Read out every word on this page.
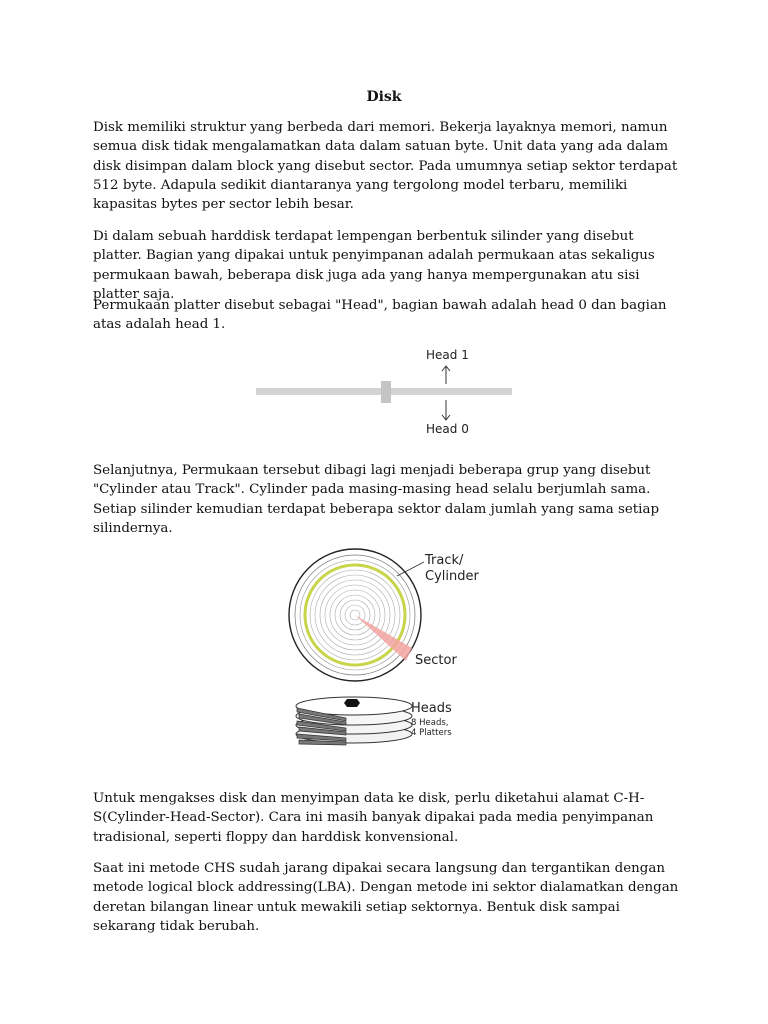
Disk

Disk memiliki struktur yang berbeda dari memori. Bekerja layaknya memori, namun semua disk tidak mengalamatkan data dalam satuan byte. Unit data yang ada dalam disk disimpan dalam block yang disebut sector. Pada umumnya setiap sektor terdapat 512 byte. Adapula sedikit diantaranya yang tergolong model terbaru, memiliki kapasitas bytes per sector lebih besar.

Di dalam sebuah harddisk terdapat lempengan berbentuk silinder yang disebut platter. Bagian yang dipakai untuk penyimpanan adalah permukaan atas sekaligus permukaan bawah, beberapa disk juga ada yang hanya mempergunakan atu sisi platter saja.

Permukaan platter disebut sebagai "Head", bagian bawah adalah head 0 dan bagian atas adalah head 1.

Head 1
Head 0

Selanjutnya, Permukaan tersebut dibagi lagi menjadi beberapa grup yang disebut "Cylinder atau Track". Cylinder pada masing-masing head selalu berjumlah sama. Setiap silinder kemudian terdapat beberapa sektor dalam jumlah yang sama setiap silindernya.

Track/
Cylinder
Sector
Heads
8 Heads,
4 Platters

Untuk mengakses disk dan menyimpan data ke disk, perlu diketahui alamat C-H-S(Cylinder-Head-Sector). Cara ini masih banyak dipakai pada media penyimpanan tradisional, seperti floppy dan harddisk konvensional.

Saat ini metode CHS sudah jarang dipakai secara langsung dan tergantikan dengan metode logical block addressing(LBA). Dengan metode ini sektor dialamatkan dengan deretan bilangan linear untuk mewakili setiap sektornya. Bentuk disk sampai sekarang tidak berubah.
